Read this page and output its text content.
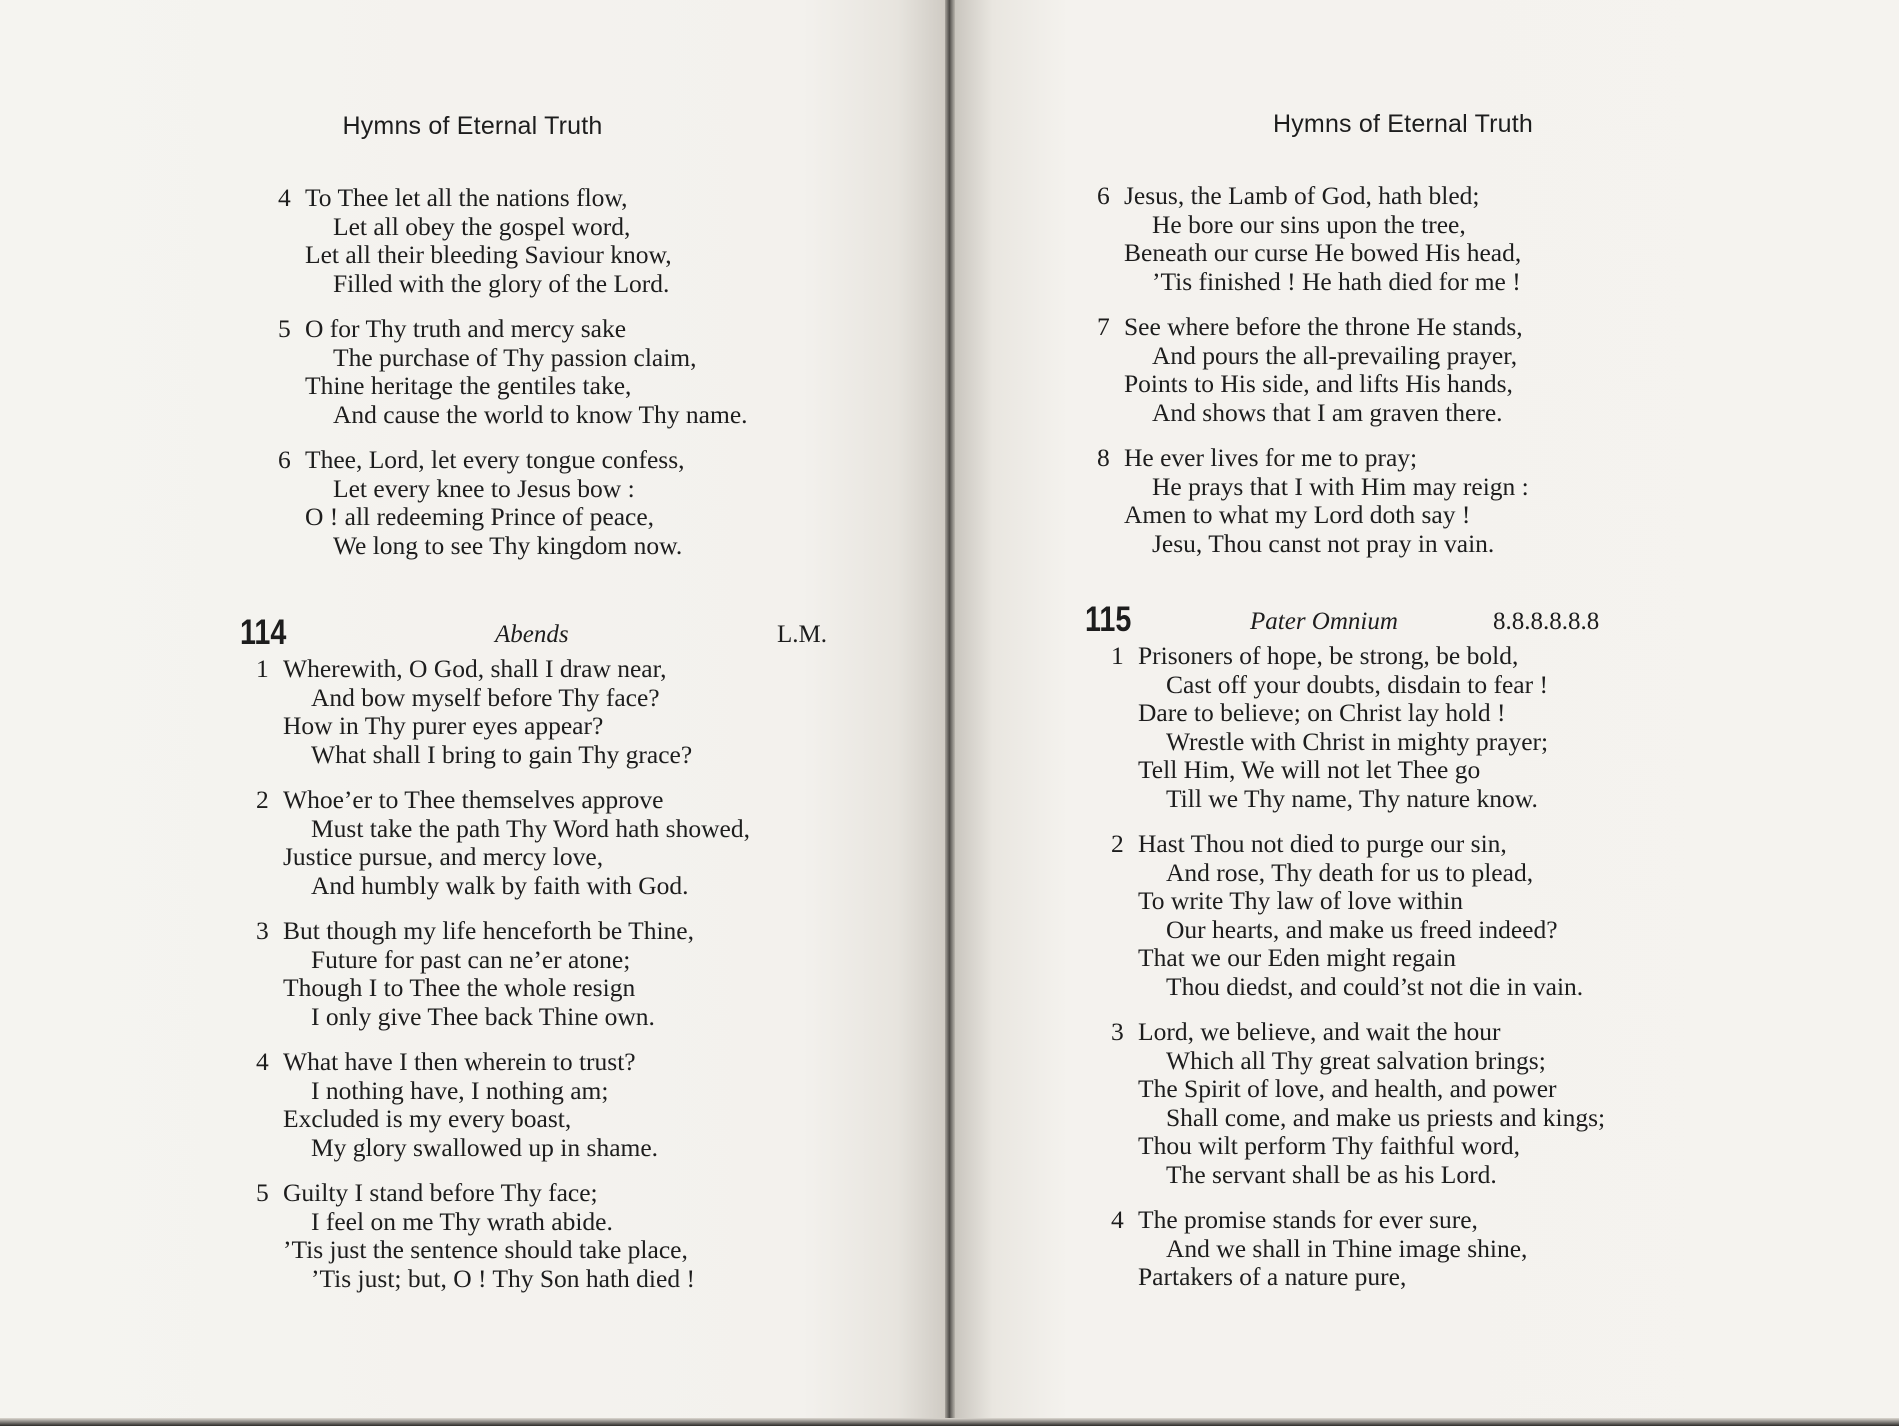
Hymns of Eternal Truth
4 To Thee let all the nations flow,
Let all obey the gospel word,
Let all their bleeding Saviour know,
Filled with the glory of the Lord.
5 O for Thy truth and mercy sake
The purchase of Thy passion claim,
Thine heritage the gentiles take,
And cause the world to know Thy name.
6 Thee, Lord, let every tongue confess,
Let every knee to Jesus bow :
O ! all redeeming Prince of peace,
We long to see Thy kingdom now.
114	Abends	L.M.
1 Wherewith, O God, shall I draw near,
And bow myself before Thy face?
How in Thy purer eyes appear?
What shall I bring to gain Thy grace?
2 Whoe’er to Thee themselves approve
Must take the path Thy Word hath showed,
Justice pursue, and mercy love,
And humbly walk by faith with God.
3 But though my life henceforth be Thine,
Future for past can ne’er atone;
Though I to Thee the whole resign
I only give Thee back Thine own.
4 What have I then wherein to trust?
I nothing have, I nothing am;
Excluded is my every boast,
My glory swallowed up in shame.
5 Guilty I stand before Thy face;
I feel on me Thy wrath abide.
’Tis just the sentence should take place,
’Tis just; but, O ! Thy Son hath died !
Hymns of Eternal Truth
6 Jesus, the Lamb of God, hath bled;
He bore our sins upon the tree,
Beneath our curse He bowed His head,
’Tis finished ! He hath died for me !
7 See where before the throne He stands,
And pours the all-prevailing prayer,
Points to His side, and lifts His hands,
And shows that I am graven there.
8 He ever lives for me to pray;
He prays that I with Him may reign :
Amen to what my Lord doth say !
Jesu, Thou canst not pray in vain.
115	Pater Omnium	8.8.8.8.8.8
1 Prisoners of hope, be strong, be bold,
Cast off your doubts, disdain to fear !
Dare to believe; on Christ lay hold !
Wrestle with Christ in mighty prayer;
Tell Him, We will not let Thee go
Till we Thy name, Thy nature know.
2 Hast Thou not died to purge our sin,
And rose, Thy death for us to plead,
To write Thy law of love within
Our hearts, and make us freed indeed?
That we our Eden might regain
Thou diedst, and could’st not die in vain.
3 Lord, we believe, and wait the hour
Which all Thy great salvation brings;
The Spirit of love, and health, and power
Shall come, and make us priests and kings;
Thou wilt perform Thy faithful word,
The servant shall be as his Lord.
4 The promise stands for ever sure,
And we shall in Thine image shine,
Partakers of a nature pure,
